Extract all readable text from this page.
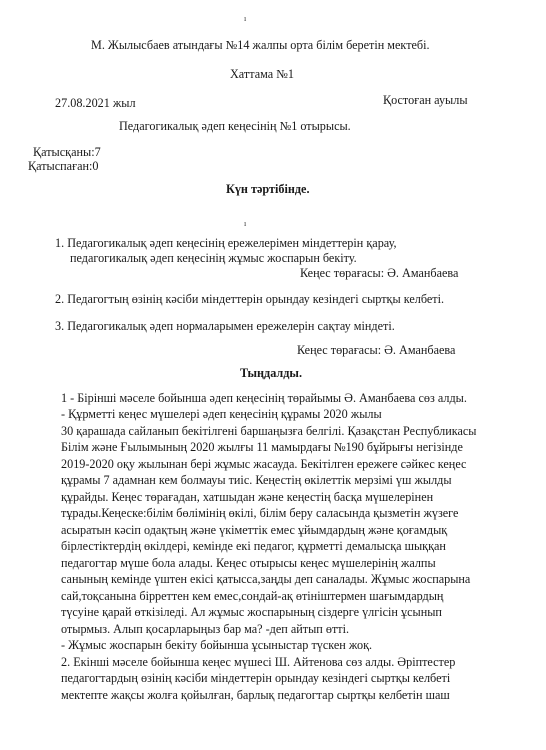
ı
М. Жылысбаев атындағы №14 жалпы орта білім беретін мектебі.
Хаттама №1
27.08.2021 жыл	Қостоған ауылы
Педагогикалық әдеп кеңесінің №1 отырысы.
Қатысқаны:7
Қатыспаған:0
Күн тәртібінде.
ı
1. Педагогикалық әдеп кеңесінің ережелерімен міндеттерін қарау,
педагогикалық әдеп кеңесінің жұмыс жоспарын бекіту.
Кеңес төрағасы: Ә. Аманбаева
2. Педагогтың өзінің кәсіби міндеттерін орындау кезіндегі сыртқы келбеті.
3. Педагогикалық әдеп нормаларымен ережелерін сақтау міндеті.
Кеңес төрағасы: Ә. Аманбаева
Тыңдалды.
1 - Бірінші мәселе бойынша әдеп кеңесінің төрайымы Ә. Аманбаева сөз алды.
- Құрметті кеңес мүшелері әдеп кеңесінің құрамы 2020 жылы
30 қарашада сайланып бекітілгені баршаңызға белгілі. Қазақстан Республикасы
Білім және Ғылымының 2020 жылғы 11 мамырдағы №190 бұйрығы негізінде
2019-2020 оқу жылынан бері жұмыс жасауда. Бекітілген ережеге сәйкес кеңес
құрамы 7 адамнан кем болмауы тиіс. Кеңестің өкілеттік мерзімі үш жылды
құрайды. Кеңес төрағадан, хатшыдан және кеңестің басқа мүшелерінен
тұрады.Кеңеске:білім бөлімінің өкілі, білім беру саласында қызметін жүзеге
асыратын кәсіп одақтың және үкіметтік емес ұйымдардың және қоғамдық
бірлестіктердің өкілдері, кемінде екі педагог, құрметті демалысқа шыққан
педагогтар мүше бола алады. Кеңес отырысы кеңес мүшелерінің жалпы
санының кемінде үштен екісі қатысса,заңды деп саналады. Жұмыс жоспарына
сай,тоқсанына бірреттен кем емес,сондай-ақ өтініштермен шағымдардың
түсуіне қарай өткізіледі. Ал жұмыс жоспарының сіздерге үлгісін ұсынып
отырмыз. Алып қосарларыңыз бар ма? -деп айтып өтті.
- Жұмыс жоспарын бекіту бойынша ұсыныстар түскен жоқ.
2. Екінші мәселе бойынша кеңес мүшесі Ш. Айтенова сөз алды. Әріптестер
педагогтардың өзінің кәсіби міндеттерін орындау кезіндегі сыртқы келбеті
мектепте жақсы жолға қойылған, барлық педагогтар сыртқы келбетін шаш
